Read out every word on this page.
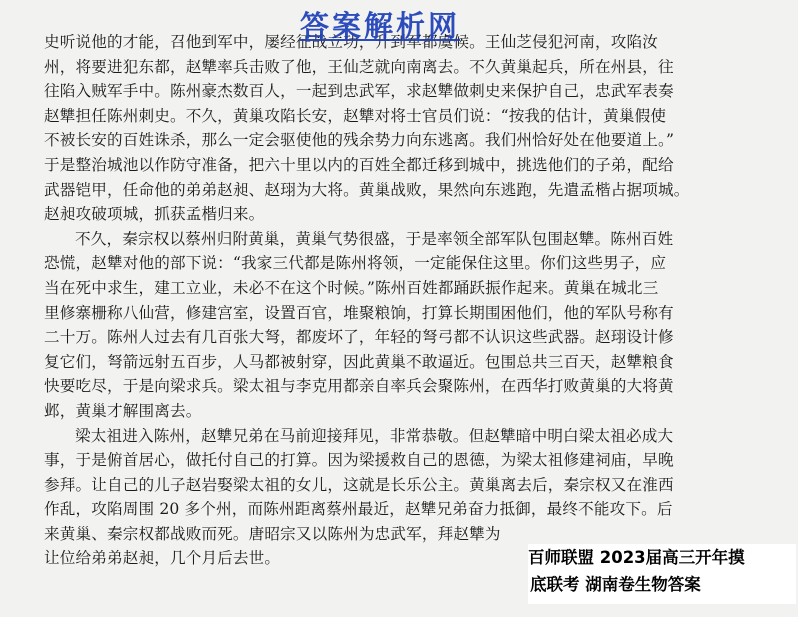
史听说他的才能，召他到军中，屡经征战立功，升到军都虞候。王仙芝侵犯河南，攻陷汝
州，将要进犯东都，赵犨率兵击败了他，王仙芝就向南离去。不久黄巢起兵，所在州县，往
往陷入贼军手中。陈州豪杰数百人，一起到忠武军，求赵犨做刺史来保护自己，忠武军表奏
赵犨担任陈州刺史。不久，黄巢攻陷长安，赵犨对将士官员们说：“按我的估计，黄巢假使
不被长安的百姓诛杀，那么一定会驱使他的残余势力向东逃离。我们州恰好处在他要道上。”
于是整治城池以作防守准备，把六十里以内的百姓全都迁移到城中，挑选他们的子弟，配给
武器铠甲，任命他的弟弟赵昶、赵珝为大将。黄巢战败，果然向东逃跑，先遣孟楷占据项城。
赵昶攻破项城，抓获孟楷归来。
不久，秦宗权以蔡州归附黄巢，黄巢气势很盛，于是率领全部军队包围赵犨。陈州百姓
恐慌，赵犨对他的部下说：“我家三代都是陈州将领，一定能保住这里。你们这些男子，应
当在死中求生，建工立业，未必不在这个时候。”陈州百姓都踊跃振作起来。黄巢在城北三
里修寨栅称八仙营，修建宫室，设置百官，堆聚粮饷，打算长期围困他们，他的军队号称有
二十万。陈州人过去有几百张大弩，都废坏了，年轻的弩弓都不认识这些武器。赵珝设计修
复它们，弩箭远射五百步，人马都被射穿，因此黄巢不敢逼近。包围总共三百天，赵犨粮食
快要吃尽，于是向梁求兵。梁太祖与李克用都亲自率兵会聚陈州，在西华打败黄巢的大将黄
邺，黄巢才解围离去。
梁太祖进入陈州，赵犨兄弟在马前迎接拜见，非常恭敬。但赵犨暗中明白梁太祖必成大
事，于是俯首居心，做托付自己的打算。因为梁援救自己的恩德，为梁太祖修建祠庙，早晚
参拜。让自己的儿子赵岩娶梁太祖的女儿，这就是长乐公主。黄巢离去后，秦宗权又在淮西
作乱，攻陷周围 20 多个州，而陈州距离蔡州最近，赵犨兄弟奋力抵御，最终不能攻下。后
来黄巢、秦宗权都战败而死。唐昭宗又以陈州为忠武军，拜赵犨为
让位给弟弟赵昶，几个月后去世。
答案解析网
百师联盟 2023届高三开年摸
底联考 湖南卷生物答案
